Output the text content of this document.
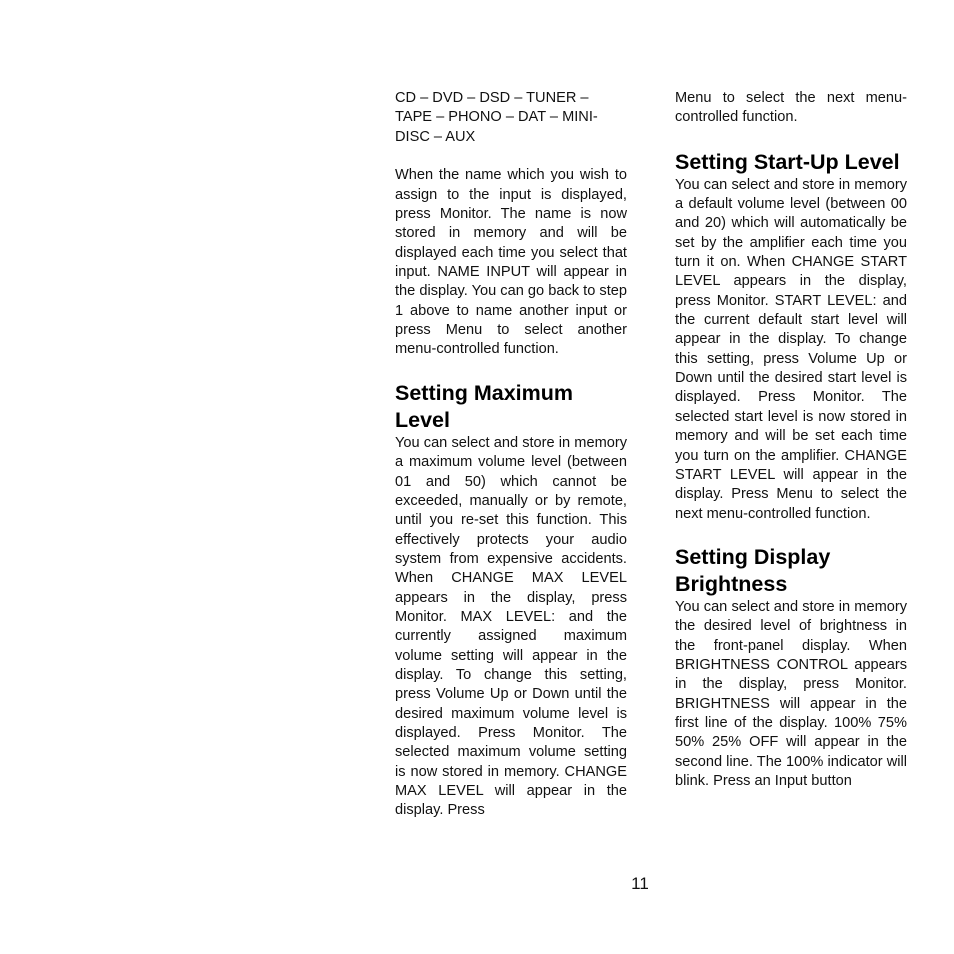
CD – DVD – DSD – TUNER –
TAPE – PHONO – DAT – MINI-
DISC – AUX

When the name which you wish to assign to the input is displayed, press Monitor. The name is now stored in memory and will be displayed each time you select that input. NAME INPUT will appear in the display. You can go back to step 1 above to name another input or press Menu to select another menu-controlled function.

Setting Maximum
Level

You can select and store in memory a maximum volume level (between 01 and 50) which cannot be exceeded, manually or by remote, until you re-set this function. This effectively protects your audio system from expensive accidents. When CHANGE MAX LEVEL appears in the display, press Monitor. MAX LEVEL: and the currently assigned maximum volume setting will appear in the display. To change this setting, press Volume Up or Down until the desired maximum volume level is displayed. Press Monitor. The selected maximum volume setting is now stored in memory. CHANGE MAX LEVEL will appear in the display. Press

Menu to select the next menu-controlled function.

Setting Start-Up Level

You can select and store in memory a default volume level (between 00 and 20) which will automatically be set by the amplifier each time you turn it on. When CHANGE START LEVEL appears in the display, press Monitor. START LEVEL: and the current default start level will appear in the display. To change this setting, press Volume Up or Down until the desired start level is displayed. Press Monitor. The selected start level is now stored in memory and will be set each time you turn on the amplifier. CHANGE START LEVEL will appear in the display. Press Menu to select the next menu-controlled function.

Setting Display
Brightness

You can select and store in memory the desired level of brightness in the front-panel display. When BRIGHTNESS CONTROL appears in the display, press Monitor. BRIGHTNESS will appear in the first line of the display. 100% 75% 50% 25% OFF will appear in the second line. The 100% indicator will blink. Press an Input button

11
